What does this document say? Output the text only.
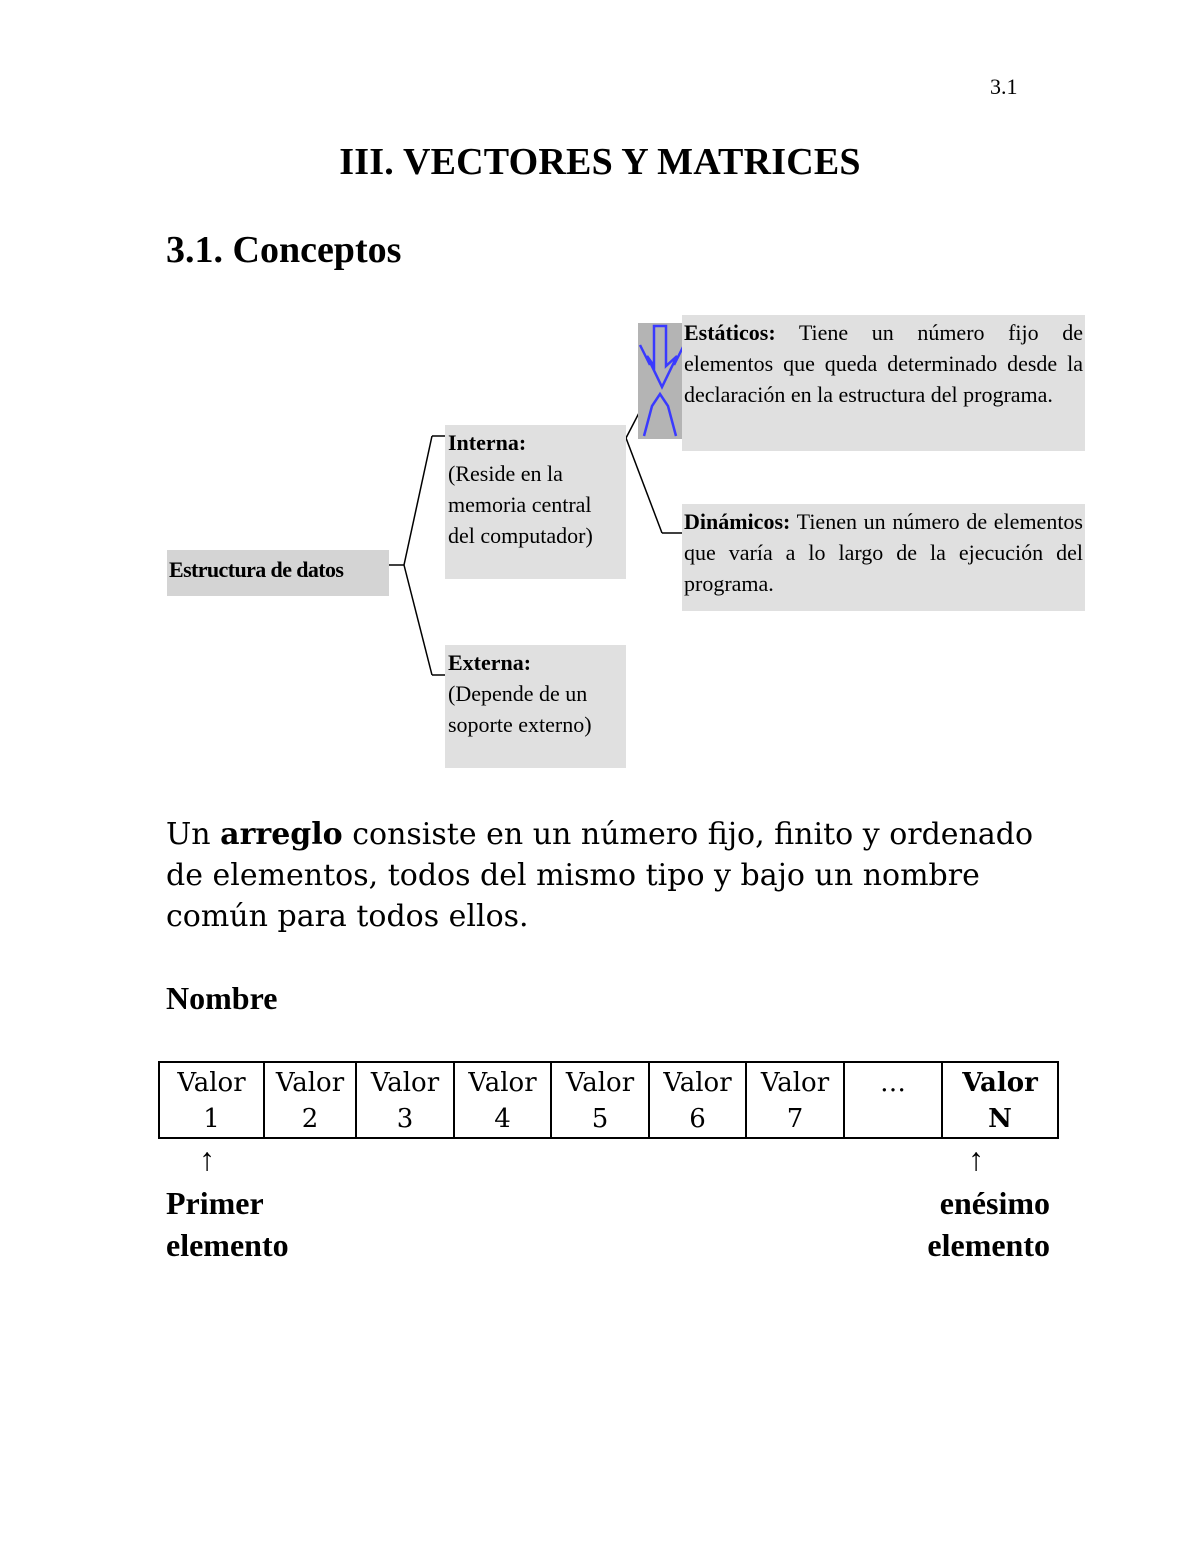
3.1
III. VECTORES Y MATRICES
3.1. Conceptos
Estructura de datos
Interna:
(Reside en la memoria central del computador)
Externa:
(Depende de un soporte externo)
Estáticos: Tiene un número fijo de elementos que queda determinado desde la declaración en la estructura del programa.
Dinámicos: Tienen un número de elementos que varía a lo largo de la ejecución del programa.
Un arreglo consiste en un número fijo, finito y ordenado de elementos, todos del mismo tipo y bajo un nombre común para todos ellos.
Nombre
Valor
1

Valor
2

Valor
3

Valor
4

Valor
5

Valor
6

Valor
7

…	Valor
N
↑	↑
Primer
elemento
enésimo
elemento
